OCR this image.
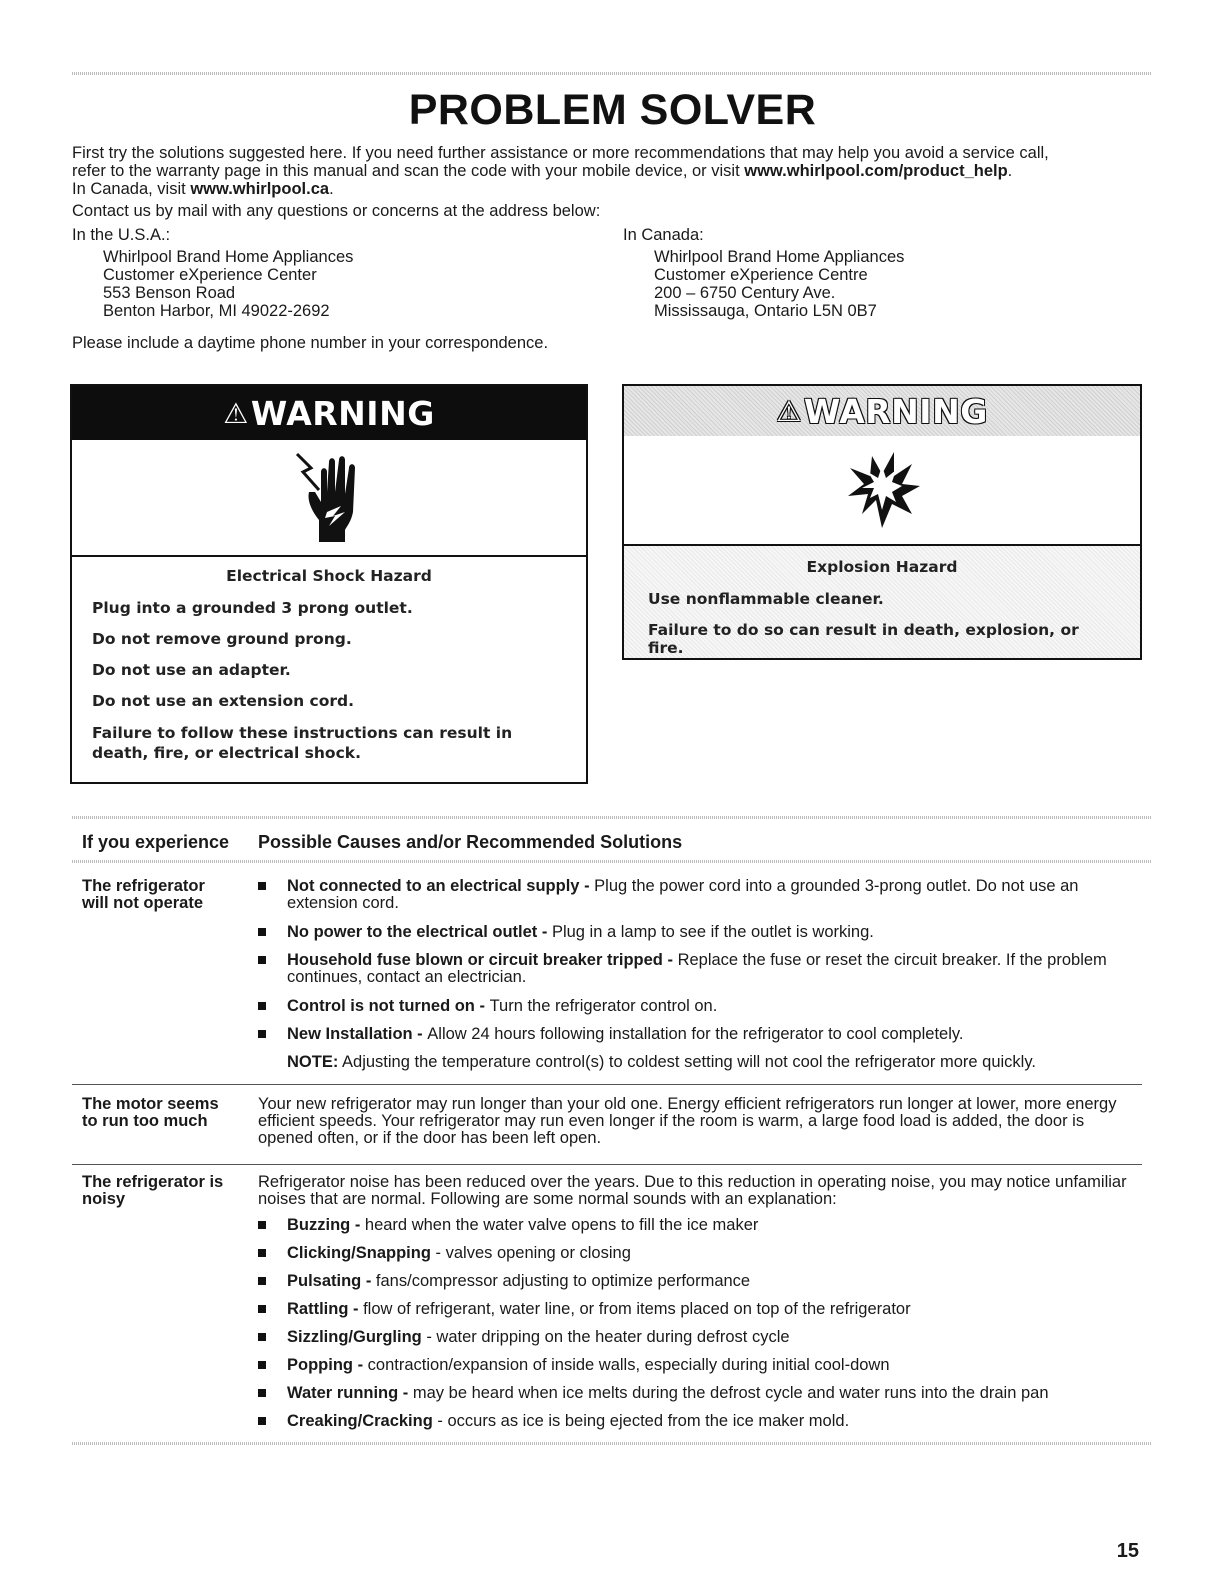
PROBLEM SOLVER

First try the solutions suggested here. If you need further assistance or more recommendations that may help you avoid a service call,

refer to the warranty page in this manual and scan the code with your mobile device, or visit www.whirlpool.com/product_help.

In Canada, visit www.whirlpool.ca.

Contact us by mail with any questions or concerns at the address below:

In the U.S.A.:
Whirlpool Brand Home Appliances
Customer eXperience Center
553 Benson Road
Benton Harbor, MI 49022-2692
In Canada:
Whirlpool Brand Home Appliances
Customer eXperience Centre
200 – 6750 Century Ave.
Mississauga, Ontario L5N 0B7
Please include a daytime phone number in your correspondence.
⚠ WARNING
Electrical Shock Hazard
Plug into a grounded 3 prong outlet.
Do not remove ground prong.
Do not use an adapter.
Do not use an extension cord.
Failure to follow these instructions can result in death, fire, or electrical shock.
⚠ WARNING
Explosion Hazard
Use nonflammable cleaner.
Failure to do so can result in death, explosion, or fire.
If you experience Possible Causes and/or Recommended Solutions
The refrigerator
will not operate
Not connected to an electrical supply - Plug the power cord into a grounded 3-prong outlet. Do not use an extension cord.
No power to the electrical outlet - Plug in a lamp to see if the outlet is working.
Household fuse blown or circuit breaker tripped - Replace the fuse or reset the circuit breaker. If the problem continues, contact an electrician.
Control is not turned on - Turn the refrigerator control on.
New Installation - Allow 24 hours following installation for the refrigerator to cool completely.
NOTE: Adjusting the temperature control(s) to coldest setting will not cool the refrigerator more quickly.
The motor seems
to run too much
Your new refrigerator may run longer than your old one. Energy efficient refrigerators run longer at lower, more energy efficient speeds. Your refrigerator may run even longer if the room is warm, a large food load is added, the door is opened often, or if the door has been left open.
The refrigerator is
noisy
Refrigerator noise has been reduced over the years. Due to this reduction in operating noise, you may notice unfamiliar noises that are normal. Following are some normal sounds with an explanation:
Buzzing - heard when the water valve opens to fill the ice maker
Clicking/Snapping - valves opening or closing
Pulsating - fans/compressor adjusting to optimize performance
Rattling - flow of refrigerant, water line, or from items placed on top of the refrigerator
Sizzling/Gurgling - water dripping on the heater during defrost cycle
Popping - contraction/expansion of inside walls, especially during initial cool-down
Water running - may be heard when ice melts during the defrost cycle and water runs into the drain pan
Creaking/Cracking - occurs as ice is being ejected from the ice maker mold.
15
